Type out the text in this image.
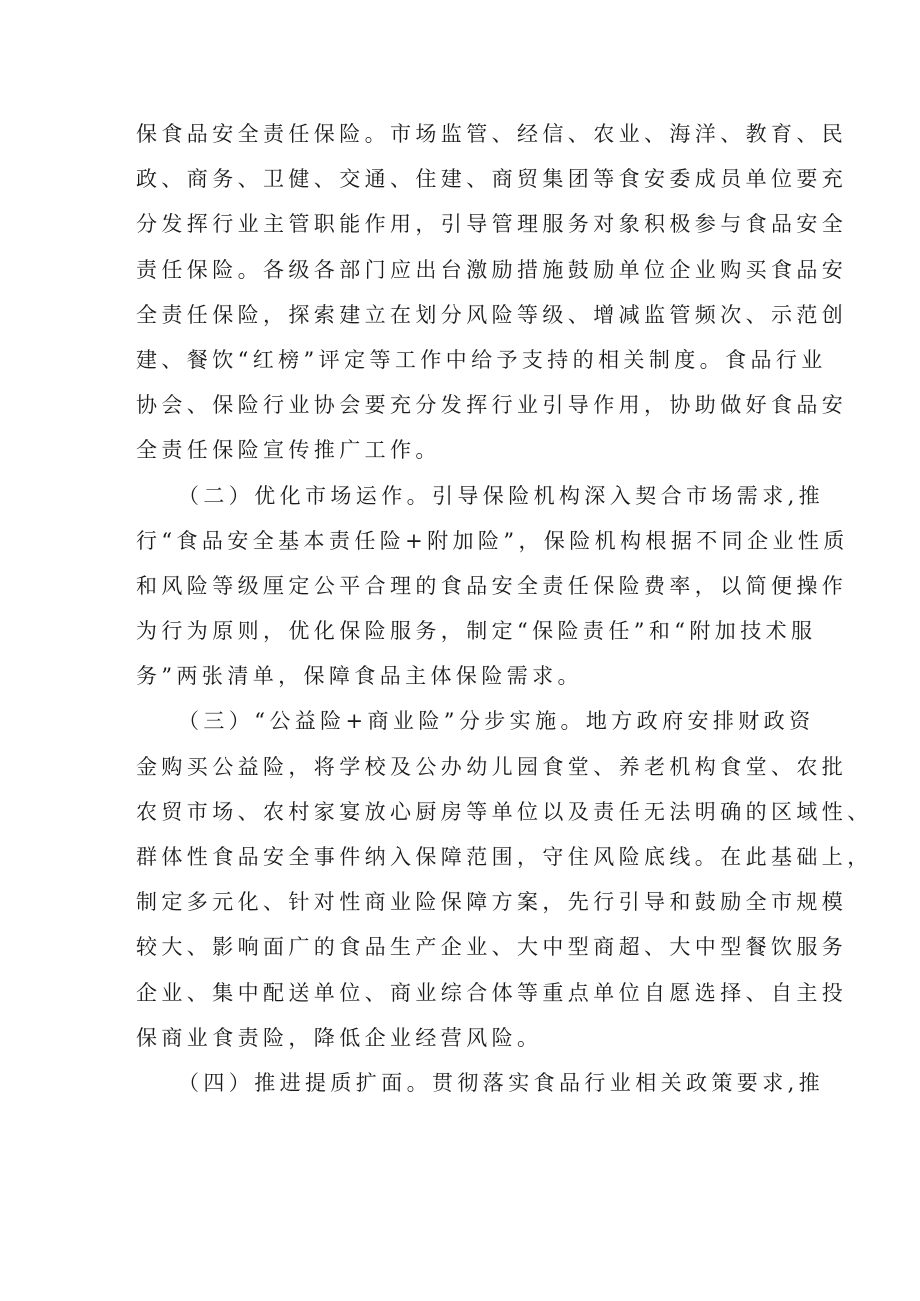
保食品安全责任保险。市场监管、经信、农业、海洋、教育、民
政、商务、卫健、交通、住建、商贸集团等食安委成员单位要充
分发挥行业主管职能作用，引导管理服务对象积极参与食品安全
责任保险。各级各部门应出台激励措施鼓励单位企业购买食品安
全责任保险，探索建立在划分风险等级、增减监管频次、示范创
建、餐饮“红榜”评定等工作中给予支持的相关制度。食品行业
协会、保险行业协会要充分发挥行业引导作用，协助做好食品安
全责任保险宣传推广工作。
（二）优化市场运作。引导保险机构深入契合市场需求,推
行“食品安全基本责任险+附加险”，保险机构根据不同企业性质
和风险等级厘定公平合理的食品安全责任保险费率，以简便操作
为行为原则，优化保险服务，制定“保险责任”和“附加技术服
务”两张清单，保障食品主体保险需求。
（三）“公益险+商业险”分步实施。地方政府安排财政资
金购买公益险，将学校及公办幼儿园食堂、养老机构食堂、农批
农贸市场、农村家宴放心厨房等单位以及责任无法明确的区域性、
群体性食品安全事件纳入保障范围，守住风险底线。在此基础上，
制定多元化、针对性商业险保障方案，先行引导和鼓励全市规模
较大、影响面广的食品生产企业、大中型商超、大中型餐饮服务
企业、集中配送单位、商业综合体等重点单位自愿选择、自主投
保商业食责险，降低企业经营风险。
（四）推进提质扩面。贯彻落实食品行业相关政策要求,推
